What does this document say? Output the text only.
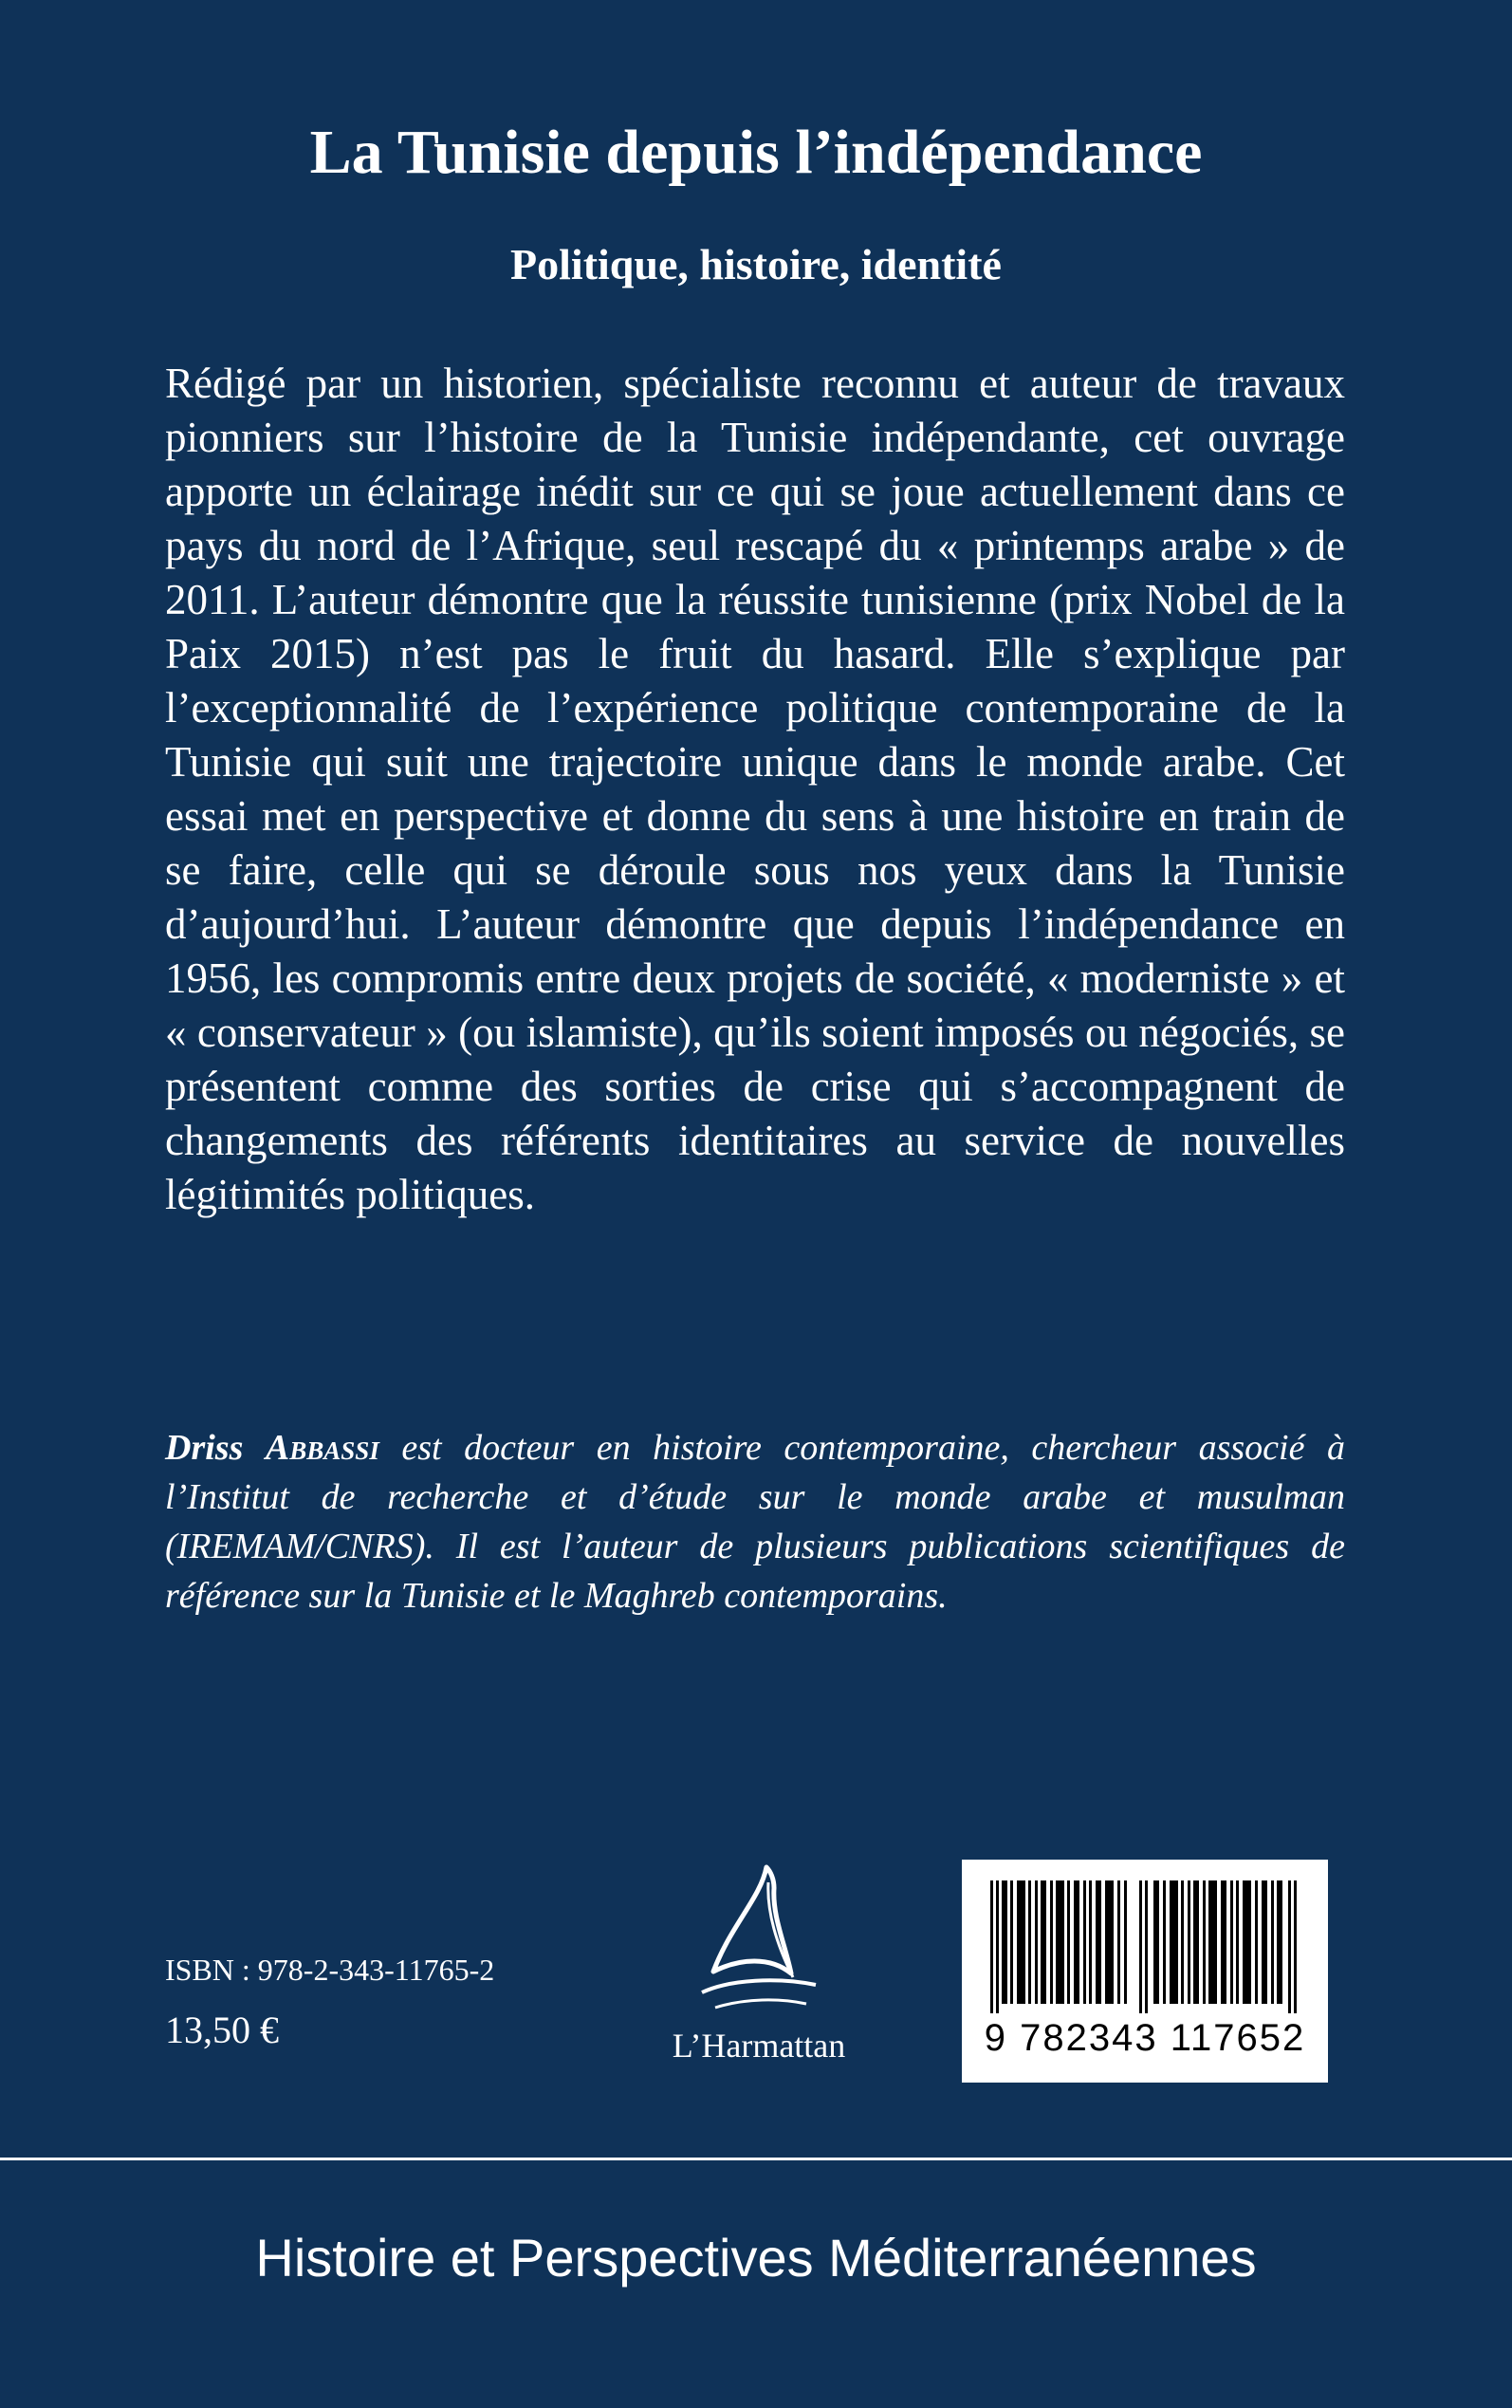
La Tunisie depuis l’indépendance
Politique, histoire, identité

Rédigé par un historien, spécialiste reconnu et auteur de travaux pionniers sur l’histoire de la Tunisie indépendante, cet ouvrage apporte un éclairage inédit sur ce qui se joue actuellement dans ce pays du nord de l’Afrique, seul rescapé du « printemps arabe » de 2011. L’auteur démontre que la réussite tunisienne (prix Nobel de la Paix 2015) n’est pas le fruit du hasard. Elle s’explique par l’exceptionnalité de l’expérience politique contemporaine de la Tunisie qui suit une trajectoire unique dans le monde arabe. Cet essai met en perspective et donne du sens à une histoire en train de se faire, celle qui se déroule sous nos yeux dans la Tunisie d’aujourd’hui. L’auteur démontre que depuis l’indépendance en 1956, les compromis entre deux projets de société, « moderniste » et « conservateur » (ou islamiste), qu’ils soient imposés ou négociés, se présentent comme des sorties de crise qui s’accompagnent de changements des référents identitaires au service de nouvelles légitimités politiques.

Driss Abbassi est docteur en histoire contemporaine, chercheur associé à l’Institut de recherche et d’étude sur le monde arabe et musulman (IREMAM/CNRS). Il est l’auteur de plusieurs publications scientifiques de référence sur la Tunisie et le Maghreb contemporains.

ISBN : 978-2-343-11765-2
13,50 €	L’Harmattan	9 782343 117652
Histoire et Perspectives Méditerranéennes
